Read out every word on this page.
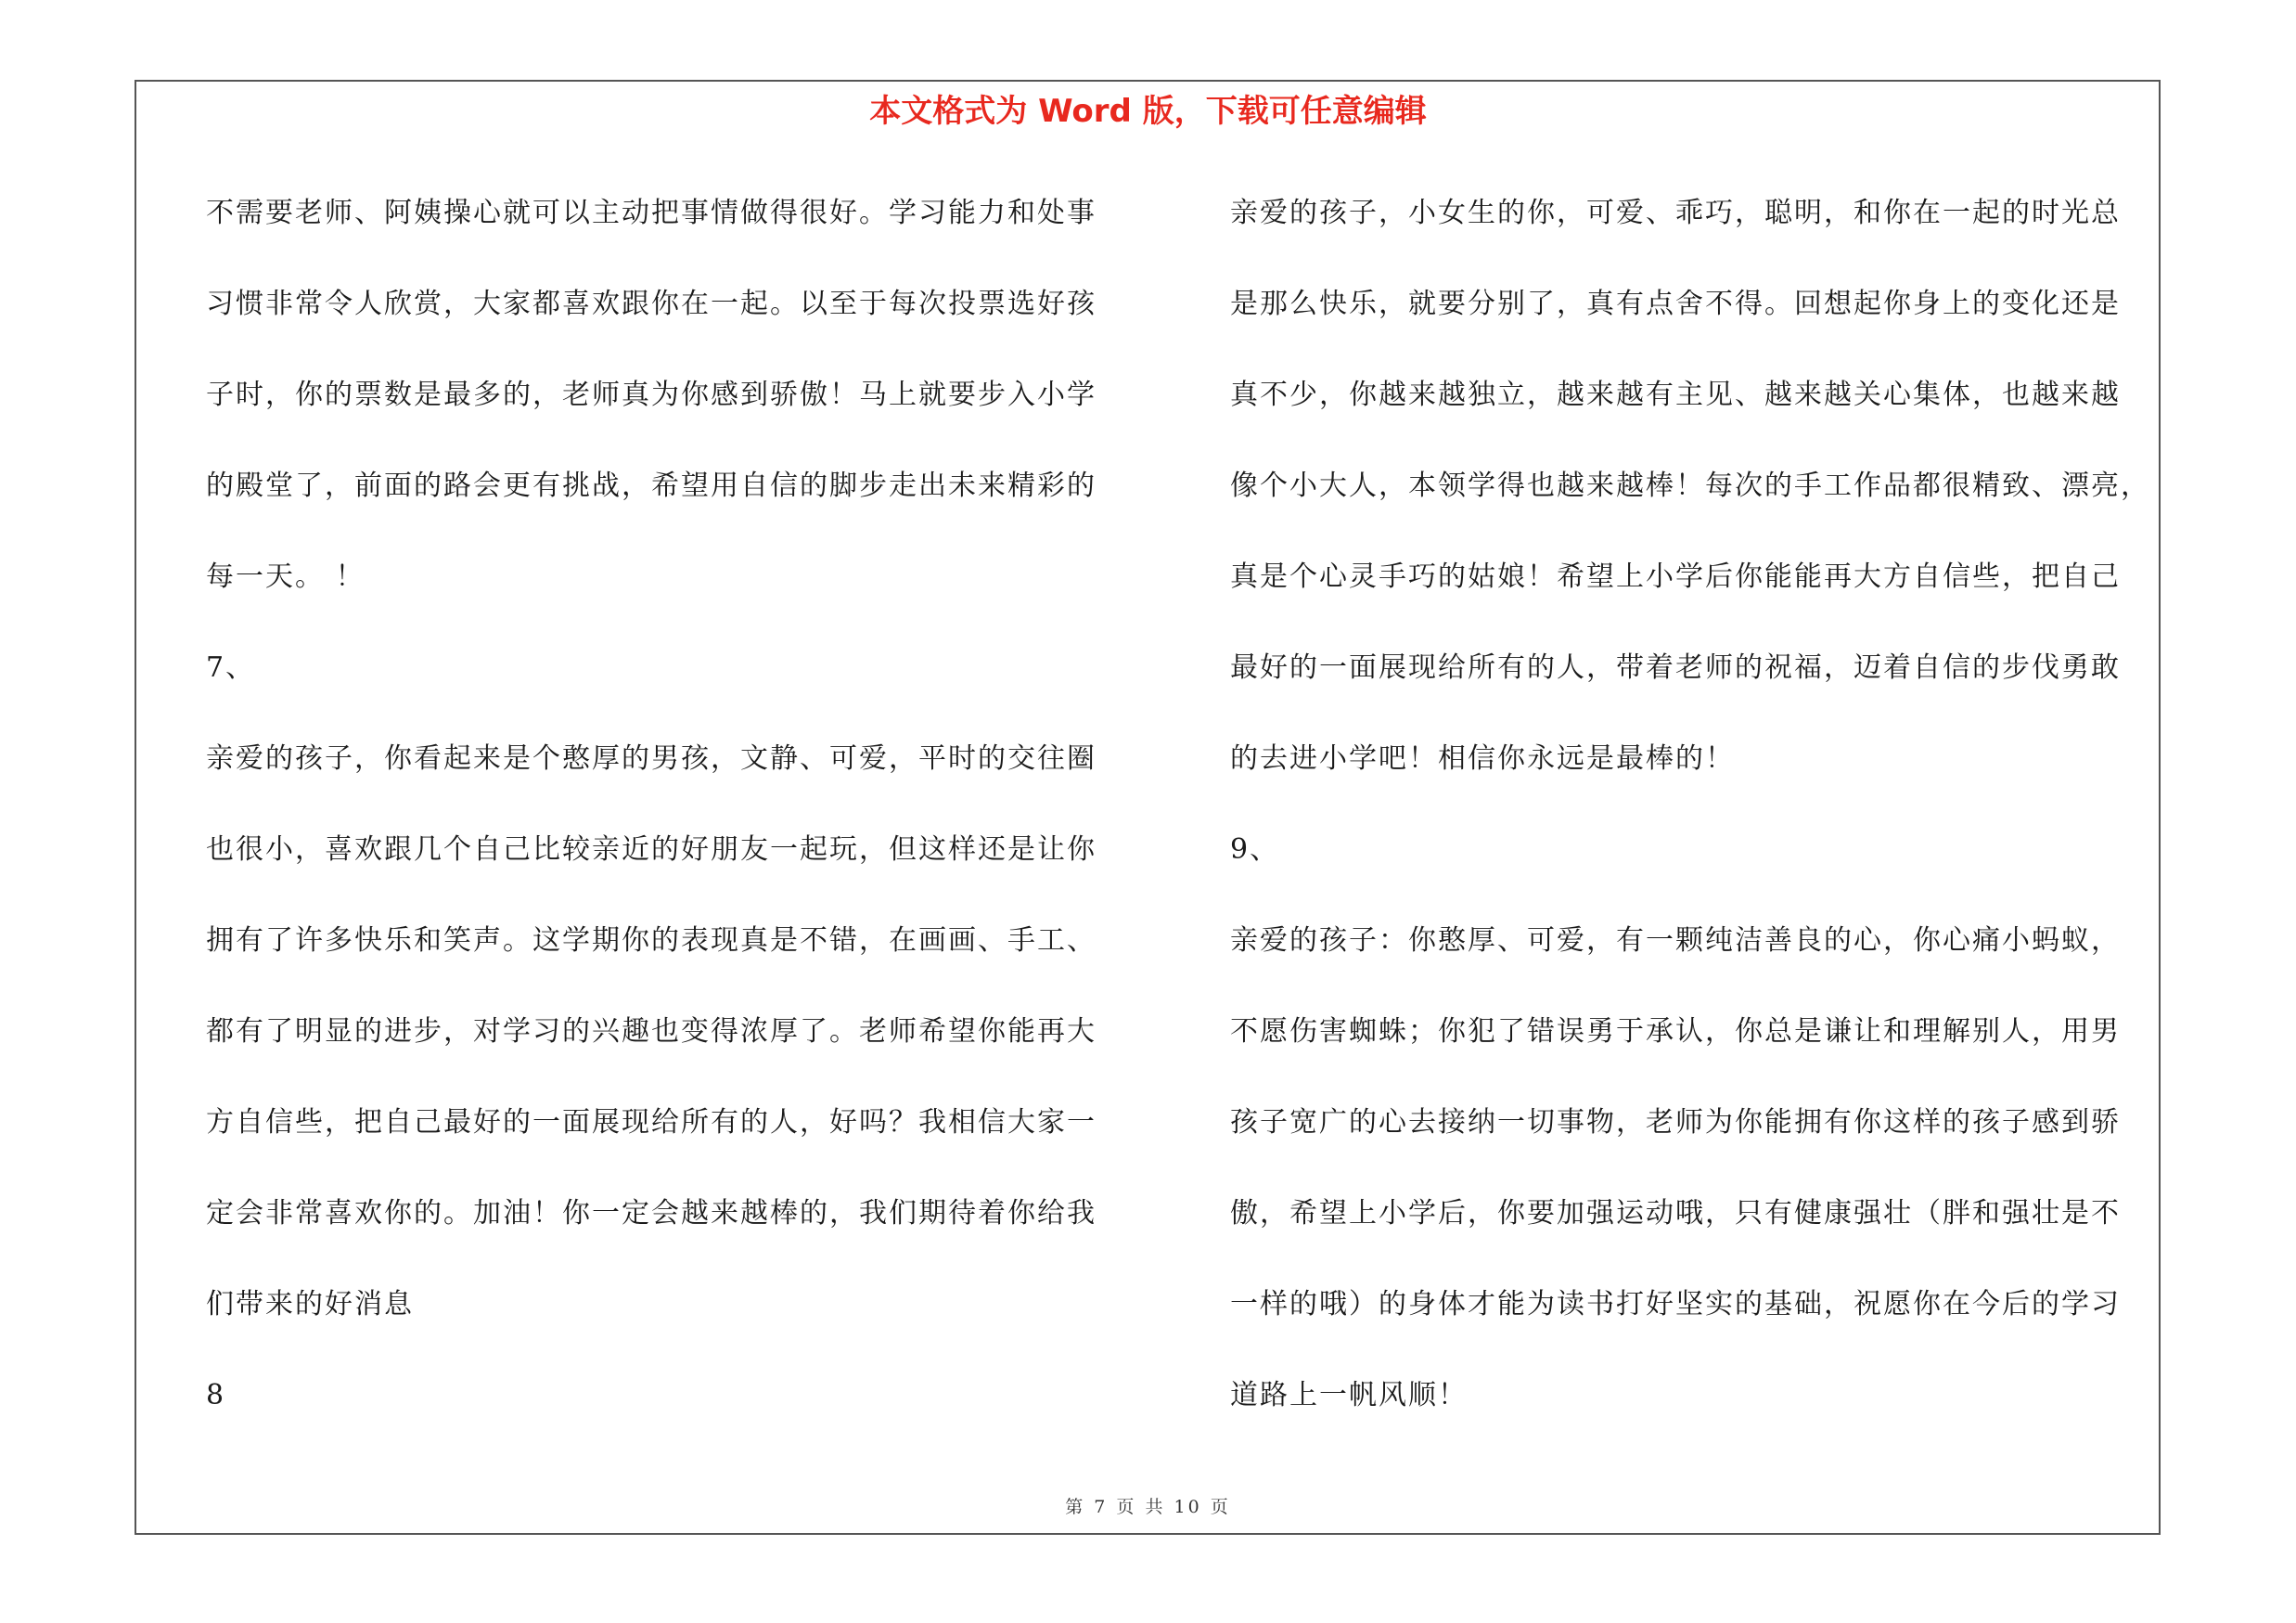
本文格式为 Word 版，下载可任意编辑
不需要老师、阿姨操心就可以主动把事情做得很好。学习能力和处事
习惯非常令人欣赏，大家都喜欢跟你在一起。以至于每次投票选好孩
子时，你的票数是最多的，老师真为你感到骄傲！马上就要步入小学
的殿堂了，前面的路会更有挑战，希望用自信的脚步走出未来精彩的
每一天。 ！
7、
亲爱的孩子，你看起来是个憨厚的男孩，文静、可爱，平时的交往圈
也很小，喜欢跟几个自己比较亲近的好朋友一起玩，但这样还是让你
拥有了许多快乐和笑声。这学期你的表现真是不错，在画画、手工、
都有了明显的进步，对学习的兴趣也变得浓厚了。老师希望你能再大
方自信些，把自己最好的一面展现给所有的人，好吗？我相信大家一
定会非常喜欢你的。加油！你一定会越来越棒的，我们期待着你给我
们带来的好消息
8
亲爱的孩子，小女生的你，可爱、乖巧，聪明，和你在一起的时光总
是那么快乐，就要分别了，真有点舍不得。回想起你身上的变化还是
真不少，你越来越独立，越来越有主见、越来越关心集体，也越来越
像个小大人，本领学得也越来越棒！每次的手工作品都很精致、漂亮，
真是个心灵手巧的姑娘！希望上小学后你能能再大方自信些，把自己
最好的一面展现给所有的人，带着老师的祝福，迈着自信的步伐勇敢
的去进小学吧！相信你永远是最棒的！
9、
亲爱的孩子：你憨厚、可爱，有一颗纯洁善良的心，你心痛小蚂蚁，
不愿伤害蜘蛛；你犯了错误勇于承认，你总是谦让和理解别人，用男
孩子宽广的心去接纳一切事物，老师为你能拥有你这样的孩子感到骄
傲，希望上小学后，你要加强运动哦，只有健康强壮（胖和强壮是不
一样的哦）的身体才能为读书打好坚实的基础，祝愿你在今后的学习
道路上一帆风顺！
第 7 页 共 10 页
